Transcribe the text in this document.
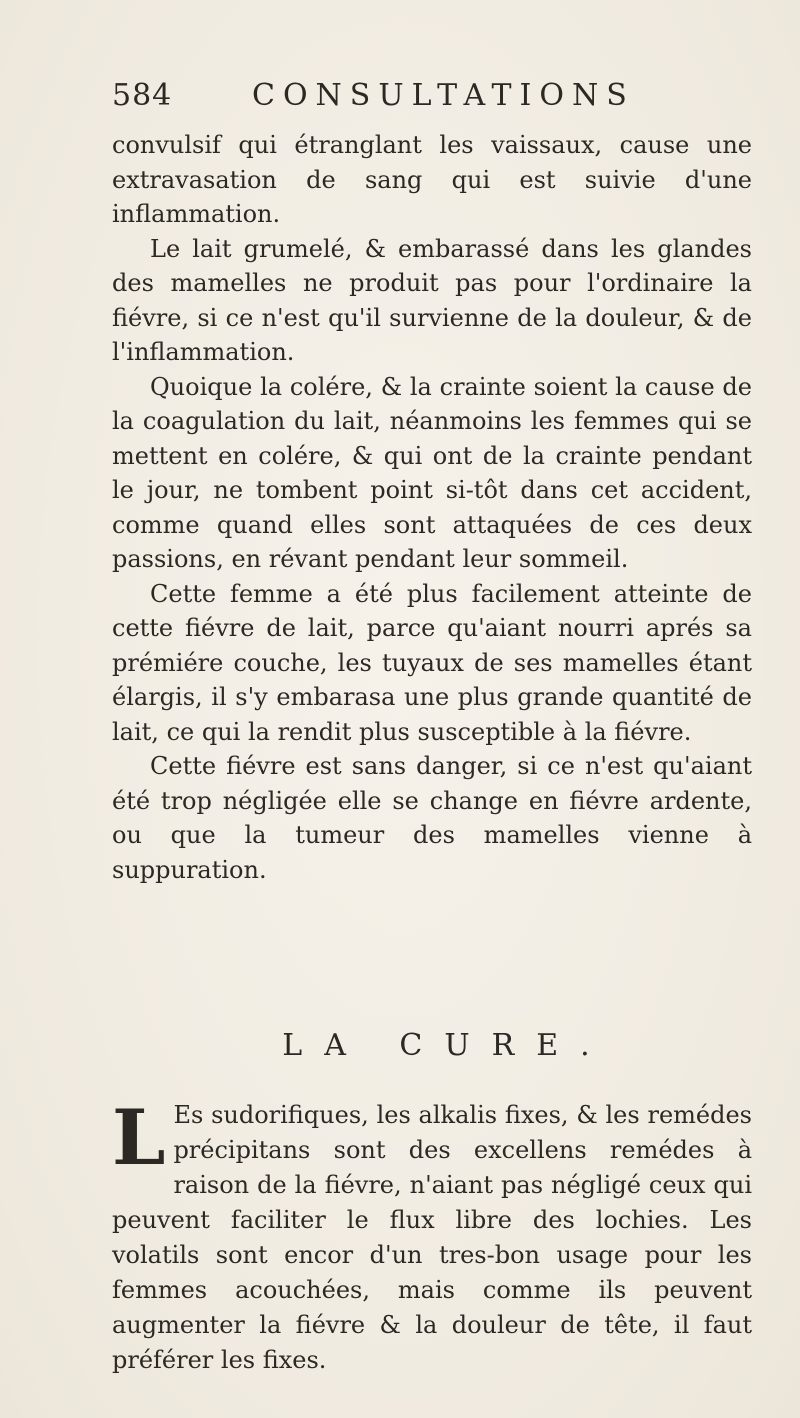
584	CONSULTATIONS

convulsif qui étranglant les vaissaux, cause une extravasation de sang qui est suivie d'une inflammation.

Le lait grumelé, & embarassé dans les glandes des mamelles ne produit pas pour l'ordinaire la fiévre, si ce n'est qu'il survienne de la douleur, & de l'inflammation.

Quoique la colére, & la crainte soient la cause de la coagulation du lait, néanmoins les femmes qui se mettent en colére, & qui ont de la crainte pendant le jour, ne tombent point si-tôt dans cet accident, comme quand elles sont attaquées de ces deux passions, en révant pendant leur sommeil.

Cette femme a été plus facilement atteinte de cette fiévre de lait, parce qu'aiant nourri aprés sa prémiére couche, les tuyaux de ses mamelles étant élargis, il s'y embarasa une plus grande quantité de lait, ce qui la rendit plus susceptible à la fiévre.

Cette fiévre est sans danger, si ce n'est qu'aiant été trop négligée elle se change en fiévre ardente, ou que la tumeur des mamelles vienne à suppuration.

LA CURE.
L Es sudorifiques, les alkalis fixes, & les remédes précipitans sont des excellens remédes à raison de la fiévre, n'aiant pas négligé ceux qui peuvent faciliter le flux libre des lochies. Les volatils sont encor d'un tres-bon usage pour les femmes acouchées, mais comme ils peuvent augmenter la fiévre & la douleur de tête, il faut préférer les fixes.
